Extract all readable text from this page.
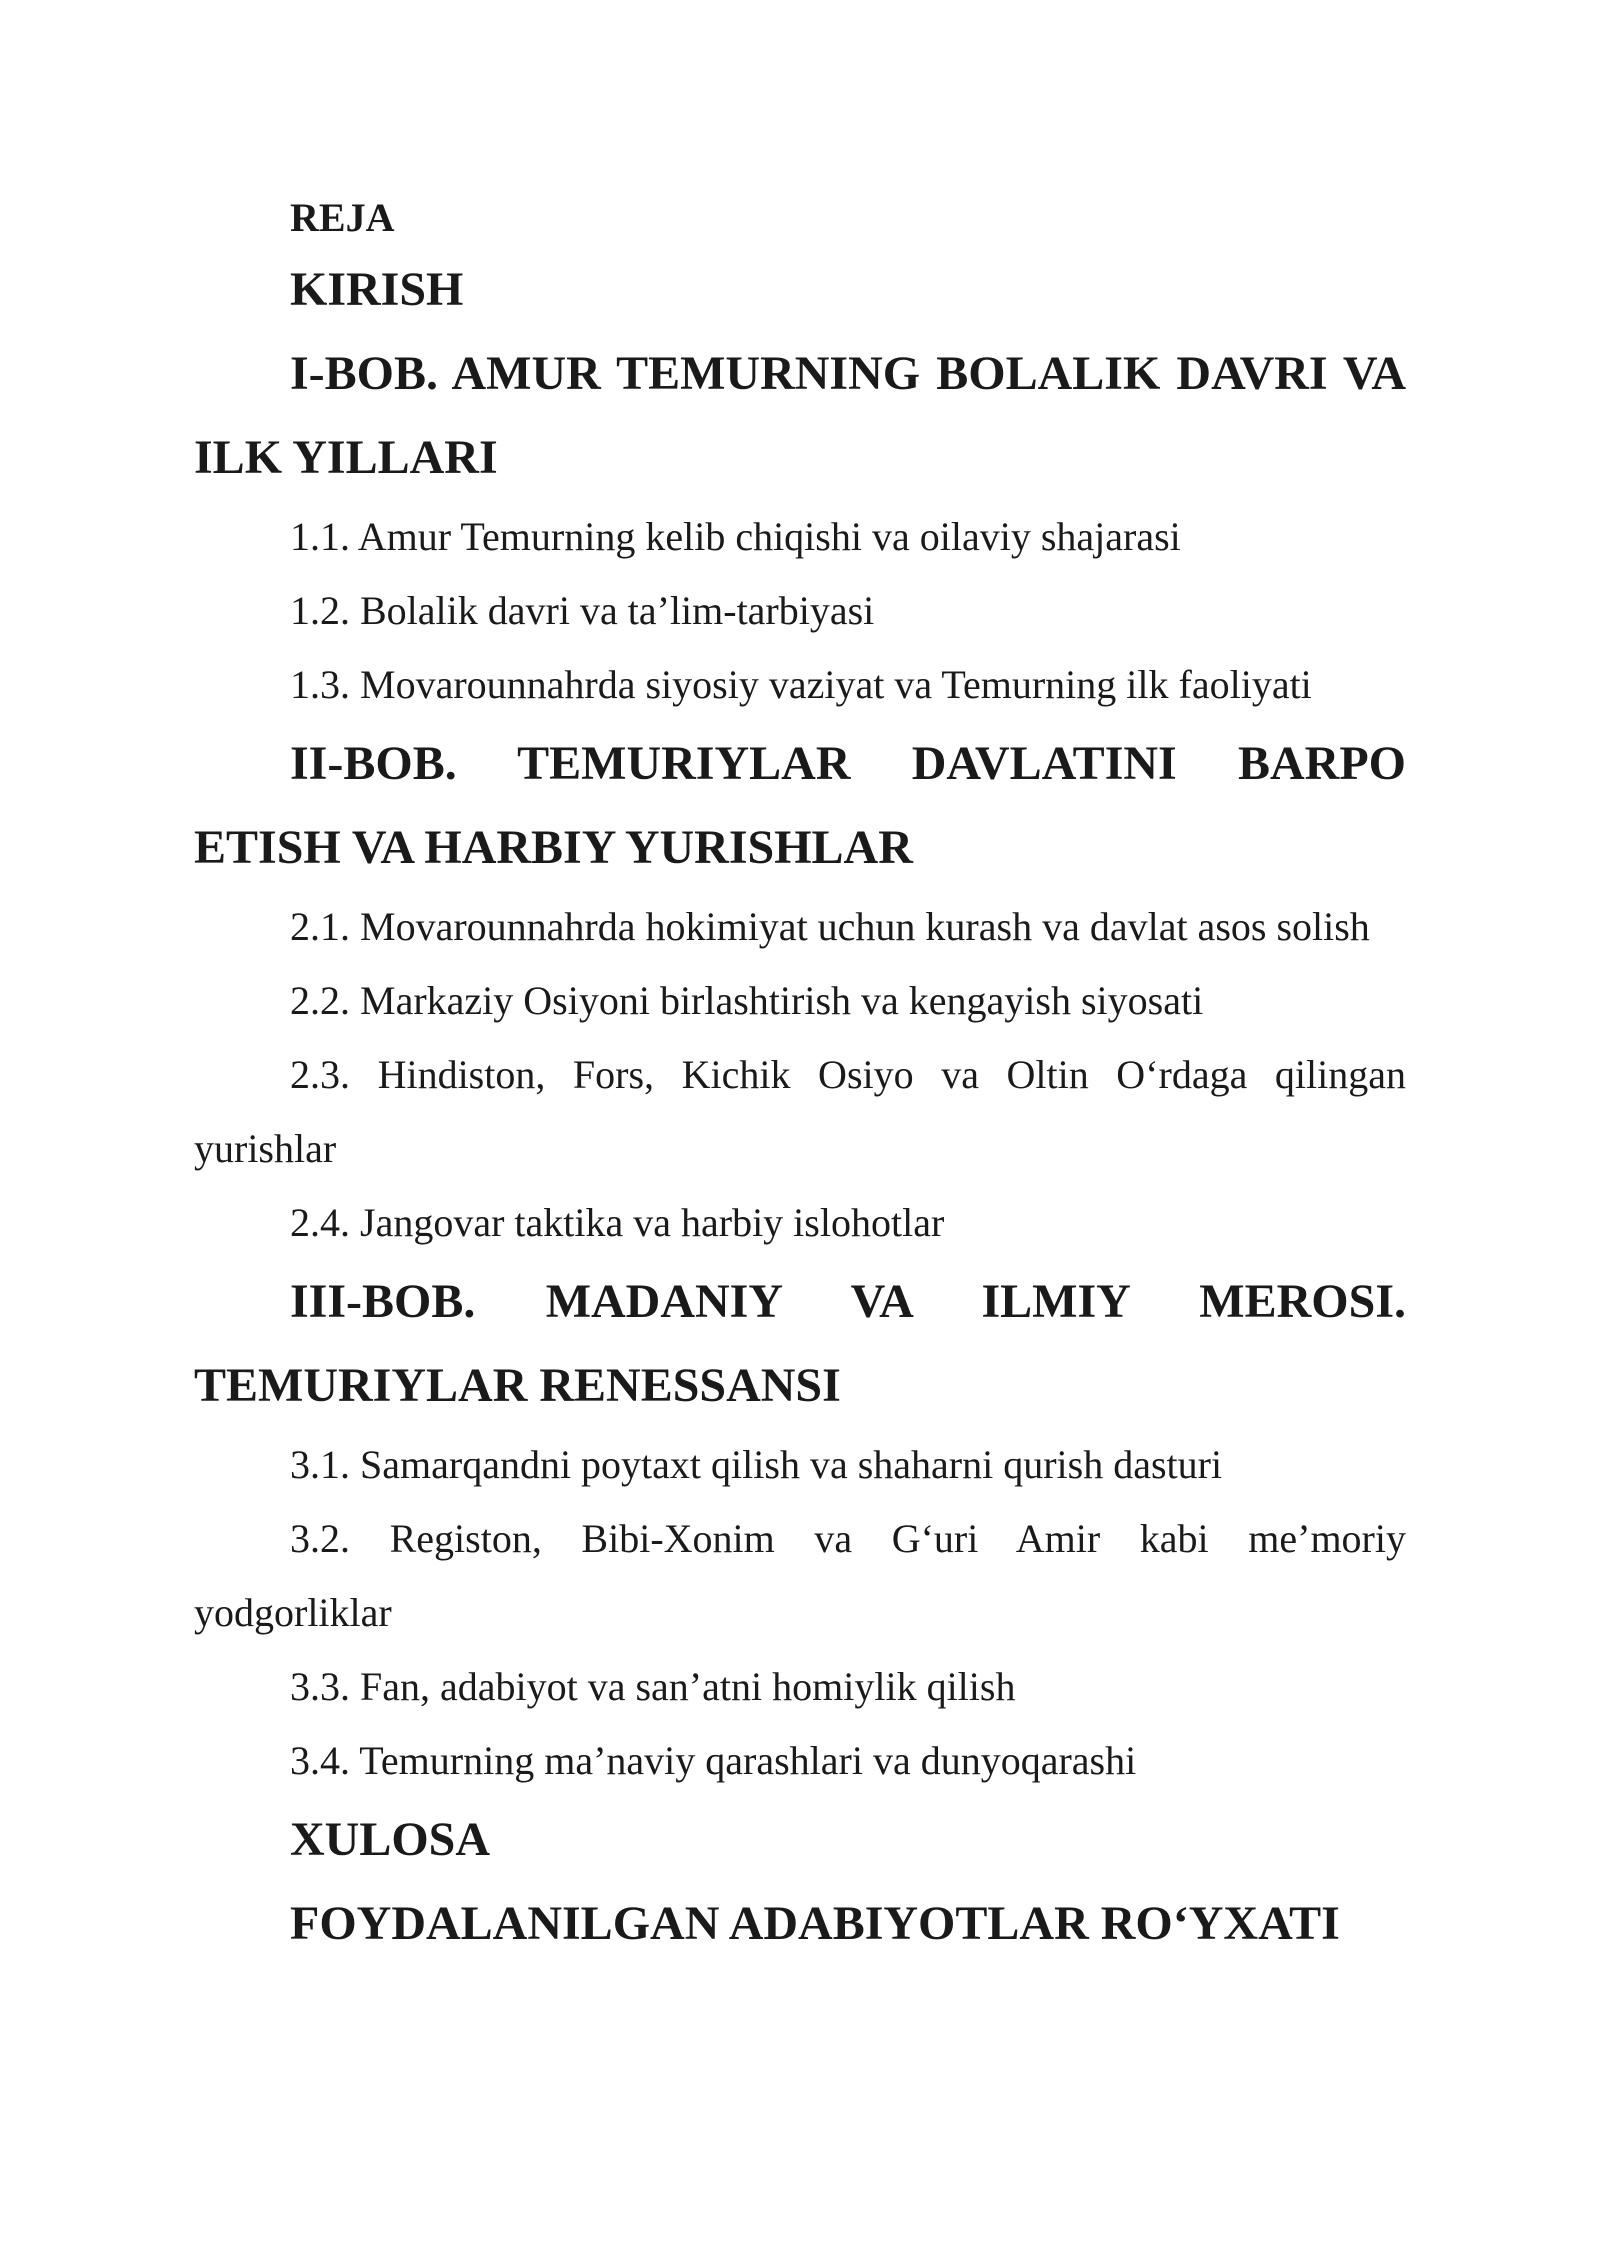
REJA

KIRISH

I-BOB. AMUR TEMURNING BOLALIK DAVRI VA ILK YILLARI

1.1. Amur Temurning kelib chiqishi va oilaviy shajarasi

1.2. Bolalik davri va ta’lim-tarbiyasi

1.3. Movarounnahrda siyosiy vaziyat va Temurning ilk faoliyati

II-BOB. TEMURIYLAR DAVLATINI BARPO ETISH VA HARBIY YURISHLAR

2.1. Movarounnahrda hokimiyat uchun kurash va davlat asos solish

2.2. Markaziy Osiyoni birlashtirish va kengayish siyosati

2.3. Hindiston, Fors, Kichik Osiyo va Oltin O‘rdaga qilingan yurishlar

2.4. Jangovar taktika va harbiy islohotlar

III-BOB. MADANIY VA ILMIY MEROSI. TEMURIYLAR RENESSANSI

3.1. Samarqandni poytaxt qilish va shaharni qurish dasturi

3.2. Registon, Bibi-Xonim va G‘uri Amir kabi me’moriy yodgorliklar

3.3. Fan, adabiyot va san’atni homiylik qilish

3.4. Temurning ma’naviy qarashlari va dunyoqarashi

XULOSA

FOYDALANILGAN ADABIYOTLAR RO‘YXATI
